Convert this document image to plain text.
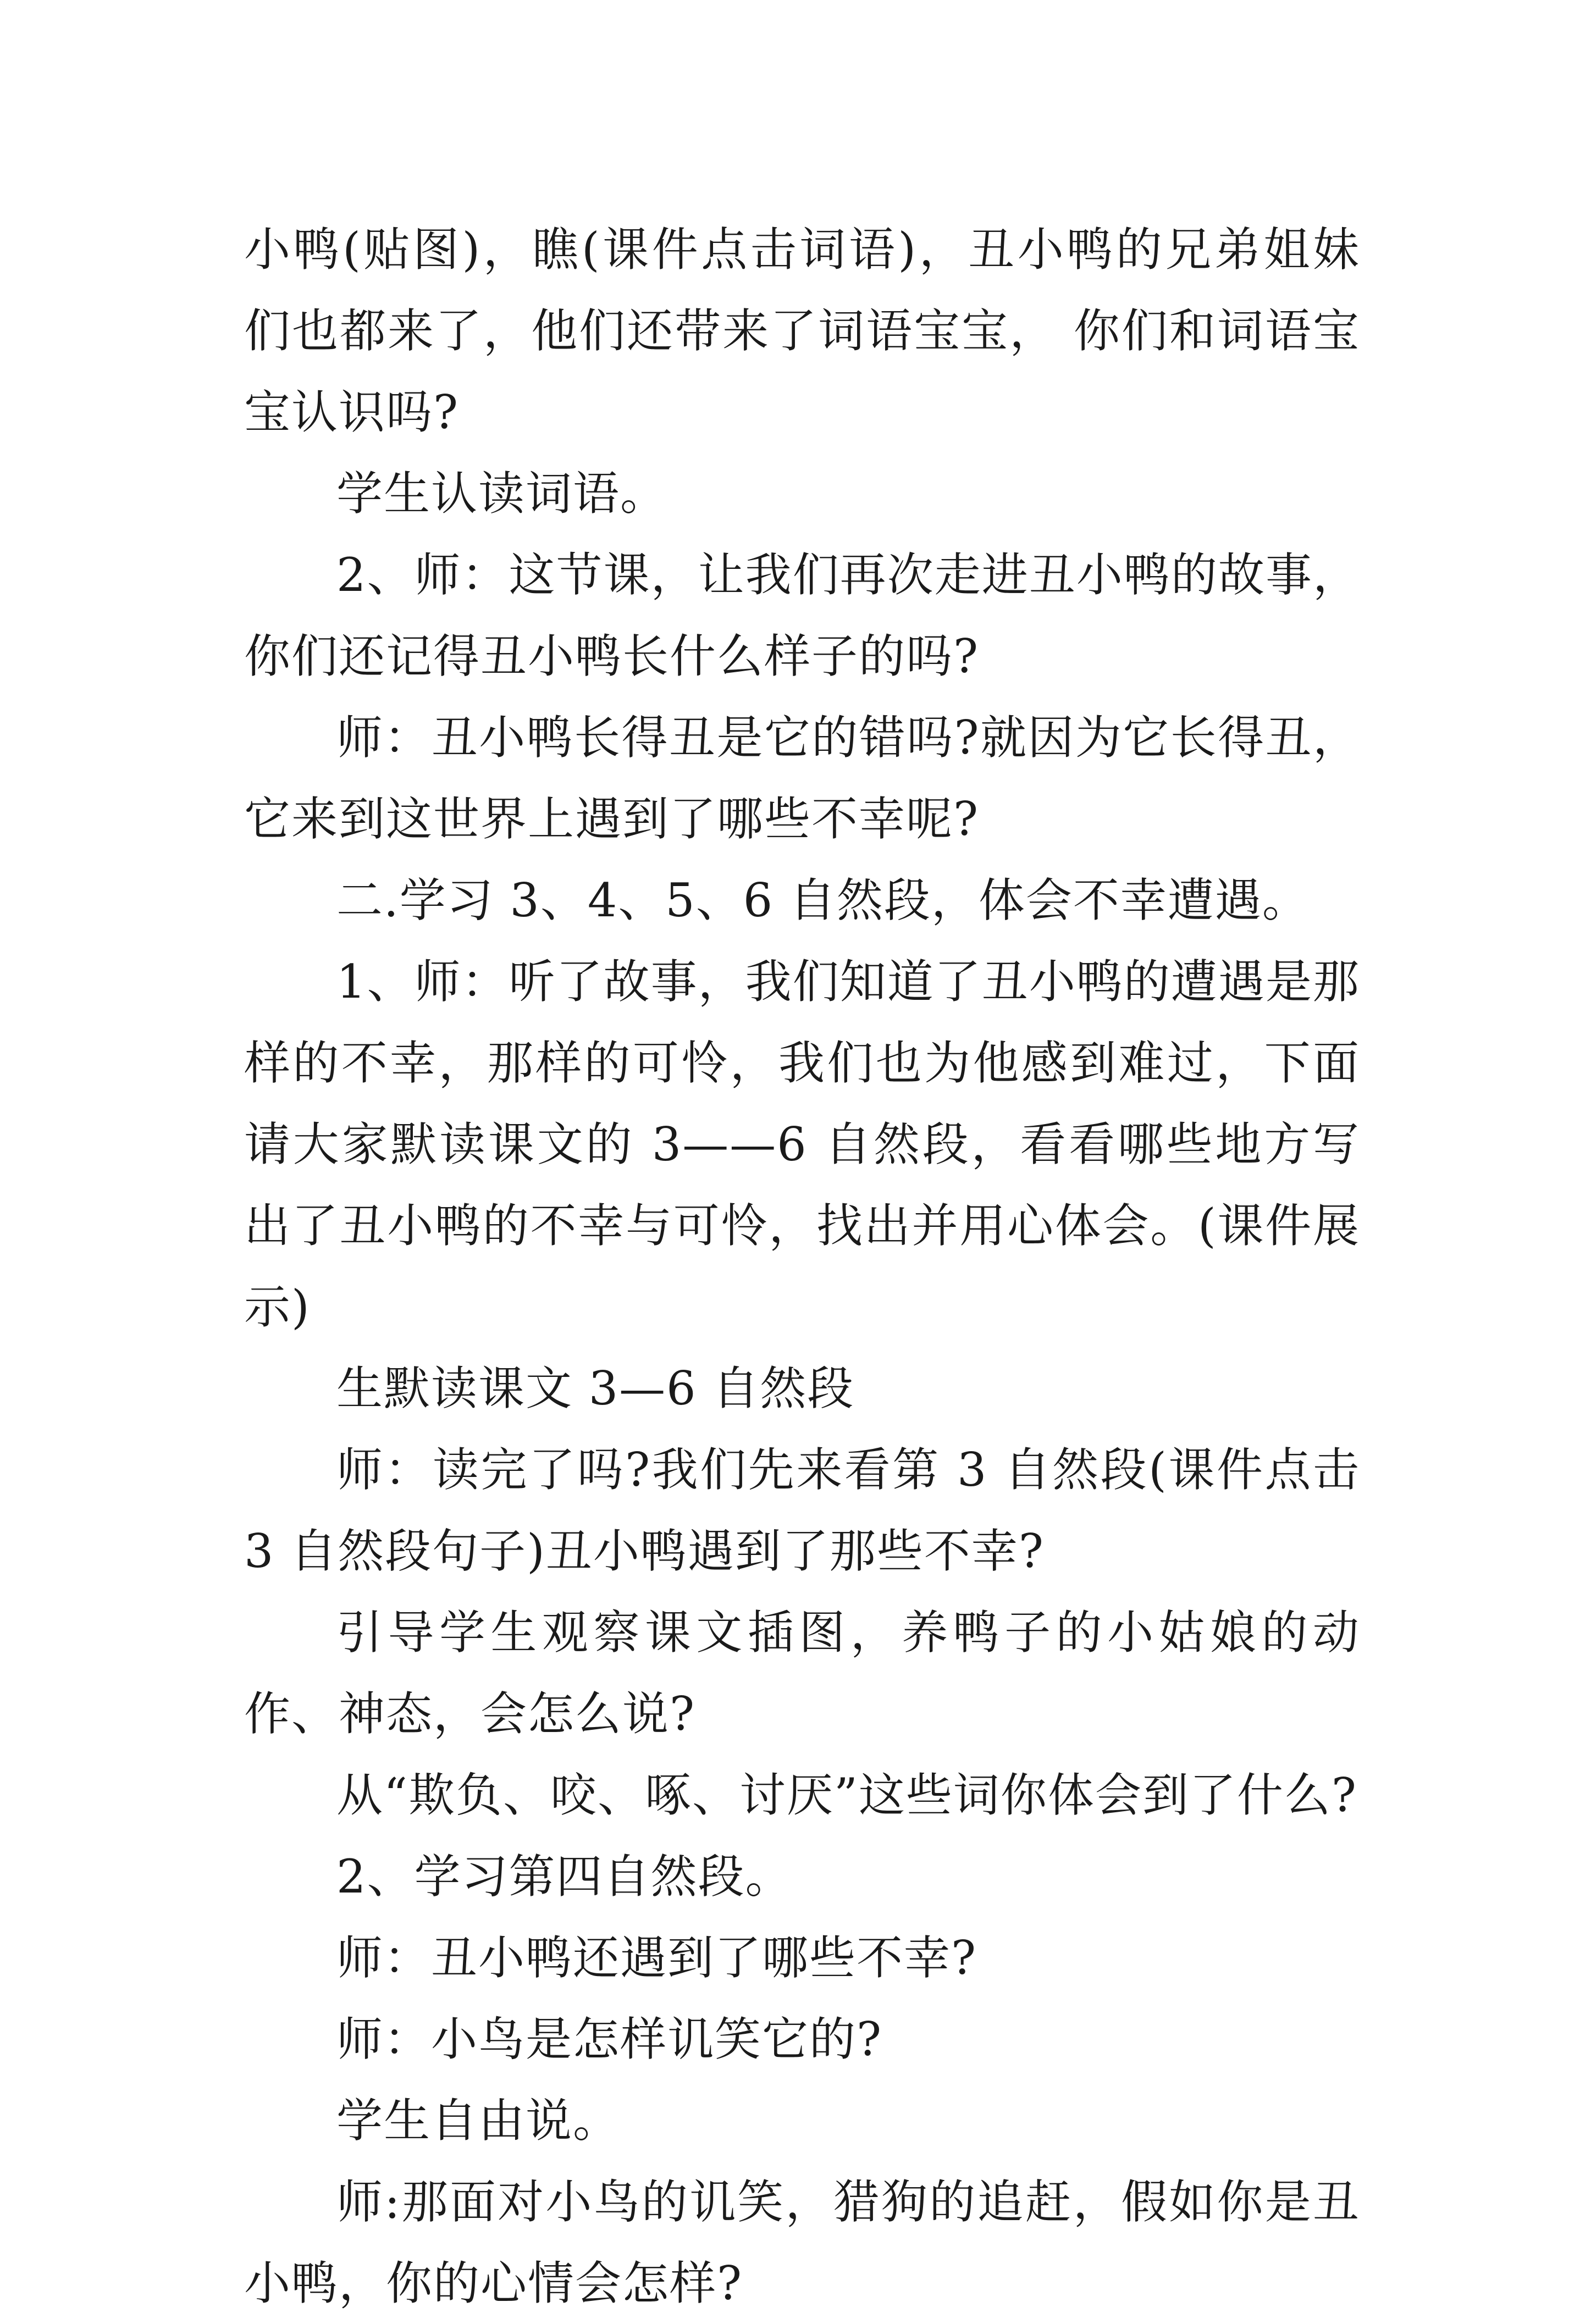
小鸭(贴图)，瞧(课件点击词语)，丑小鸭的兄弟姐妹们也都来了，他们还带来了词语宝宝， 你们和词语宝宝认识吗?

学生认读词语。

2、师：这节课，让我们再次走进丑小鸭的故事，你们还记得丑小鸭长什么样子的吗?

师：丑小鸭长得丑是它的错吗?就因为它长得丑，它来到这世界上遇到了哪些不幸呢?

二.学习 3、4、5、6 自然段，体会不幸遭遇。

1、师：听了故事，我们知道了丑小鸭的遭遇是那样的不幸，那样的可怜，我们也为他感到难过，下面请大家默读课文的 3——6 自然段，看看哪些地方写出了丑小鸭的不幸与可怜，找出并用心体会。(课件展示)

生默读课文 3—6 自然段

师：读完了吗?我们先来看第 3 自然段(课件点击 3 自然段句子)丑小鸭遇到了那些不幸?

引导学生观察课文插图，养鸭子的小姑娘的动作、神态，会怎么说?

从“欺负、咬、啄、讨厌”这些词你体会到了什么?

2、学习第四自然段。

师：丑小鸭还遇到了哪些不幸?

师：小鸟是怎样讥笑它的?

学生自由说。

师:那面对小鸟的讥笑，猎狗的追赶，假如你是丑小鸭，你的心情会怎样?
